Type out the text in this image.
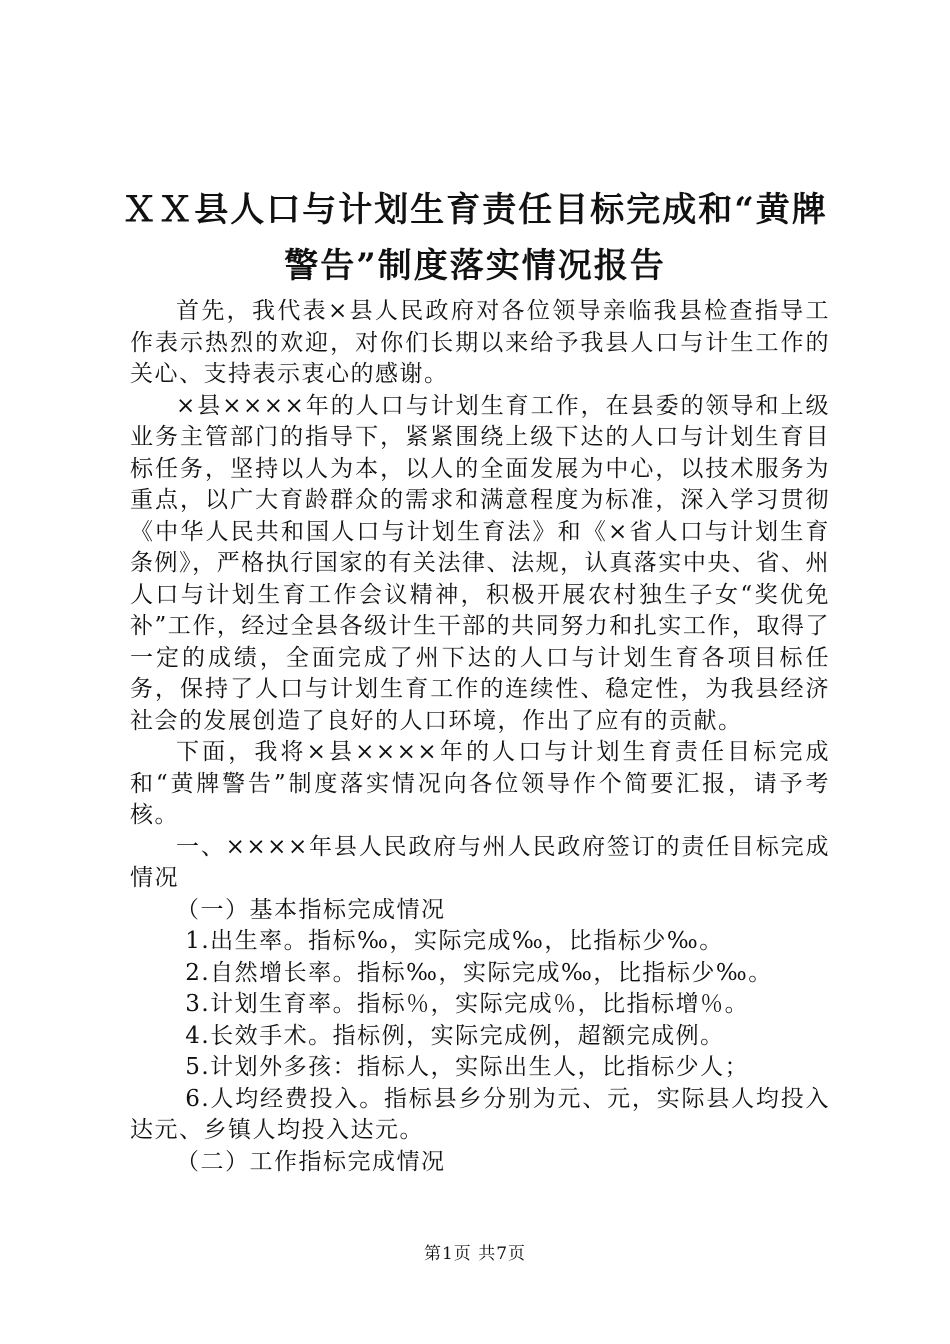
ＸＸ县人口与计划生育责任目标完成和“黄牌
警告”制度落实情况报告

首先，我代表×县人民政府对各位领导亲临我县检查指导工作表示热烈的欢迎，对你们长期以来给予我县人口与计生工作的关心、支持表示衷心的感谢。

×县××××年的人口与计划生育工作，在县委的领导和上级业务主管部门的指导下，紧紧围绕上级下达的人口与计划生育目标任务，坚持以人为本，以人的全面发展为中心，以技术服务为重点，以广大育龄群众的需求和满意程度为标准，深入学习贯彻《中华人民共和国人口与计划生育法》和《×省人口与计划生育条例》，严格执行国家的有关法律、法规，认真落实中央、省、州人口与计划生育工作会议精神，积极开展农村独生子女“奖优免补”工作，经过全县各级计生干部的共同努力和扎实工作，取得了一定的成绩，全面完成了州下达的人口与计划生育各项目标任务，保持了人口与计划生育工作的连续性、稳定性，为我县经济社会的发展创造了良好的人口环境，作出了应有的贡献。

下面，我将×县××××年的人口与计划生育责任目标完成和“黄牌警告”制度落实情况向各位领导作个简要汇报，请予考核。

一、××××年县人民政府与州人民政府签订的责任目标完成情况

（一）基本指标完成情况

1.出生率。指标‰，实际完成‰，比指标少‰。

2.自然增长率。指标‰，实际完成‰，比指标少‰。

3.计划生育率。指标％，实际完成％，比指标增％。

4.长效手术。指标例，实际完成例，超额完成例。

5.计划外多孩：指标人，实际出生人，比指标少人；

6.人均经费投入。指标县乡分别为元、元，实际县人均投入达元、乡镇人均投入达元。

（二）工作指标完成情况

第1页 共7页
